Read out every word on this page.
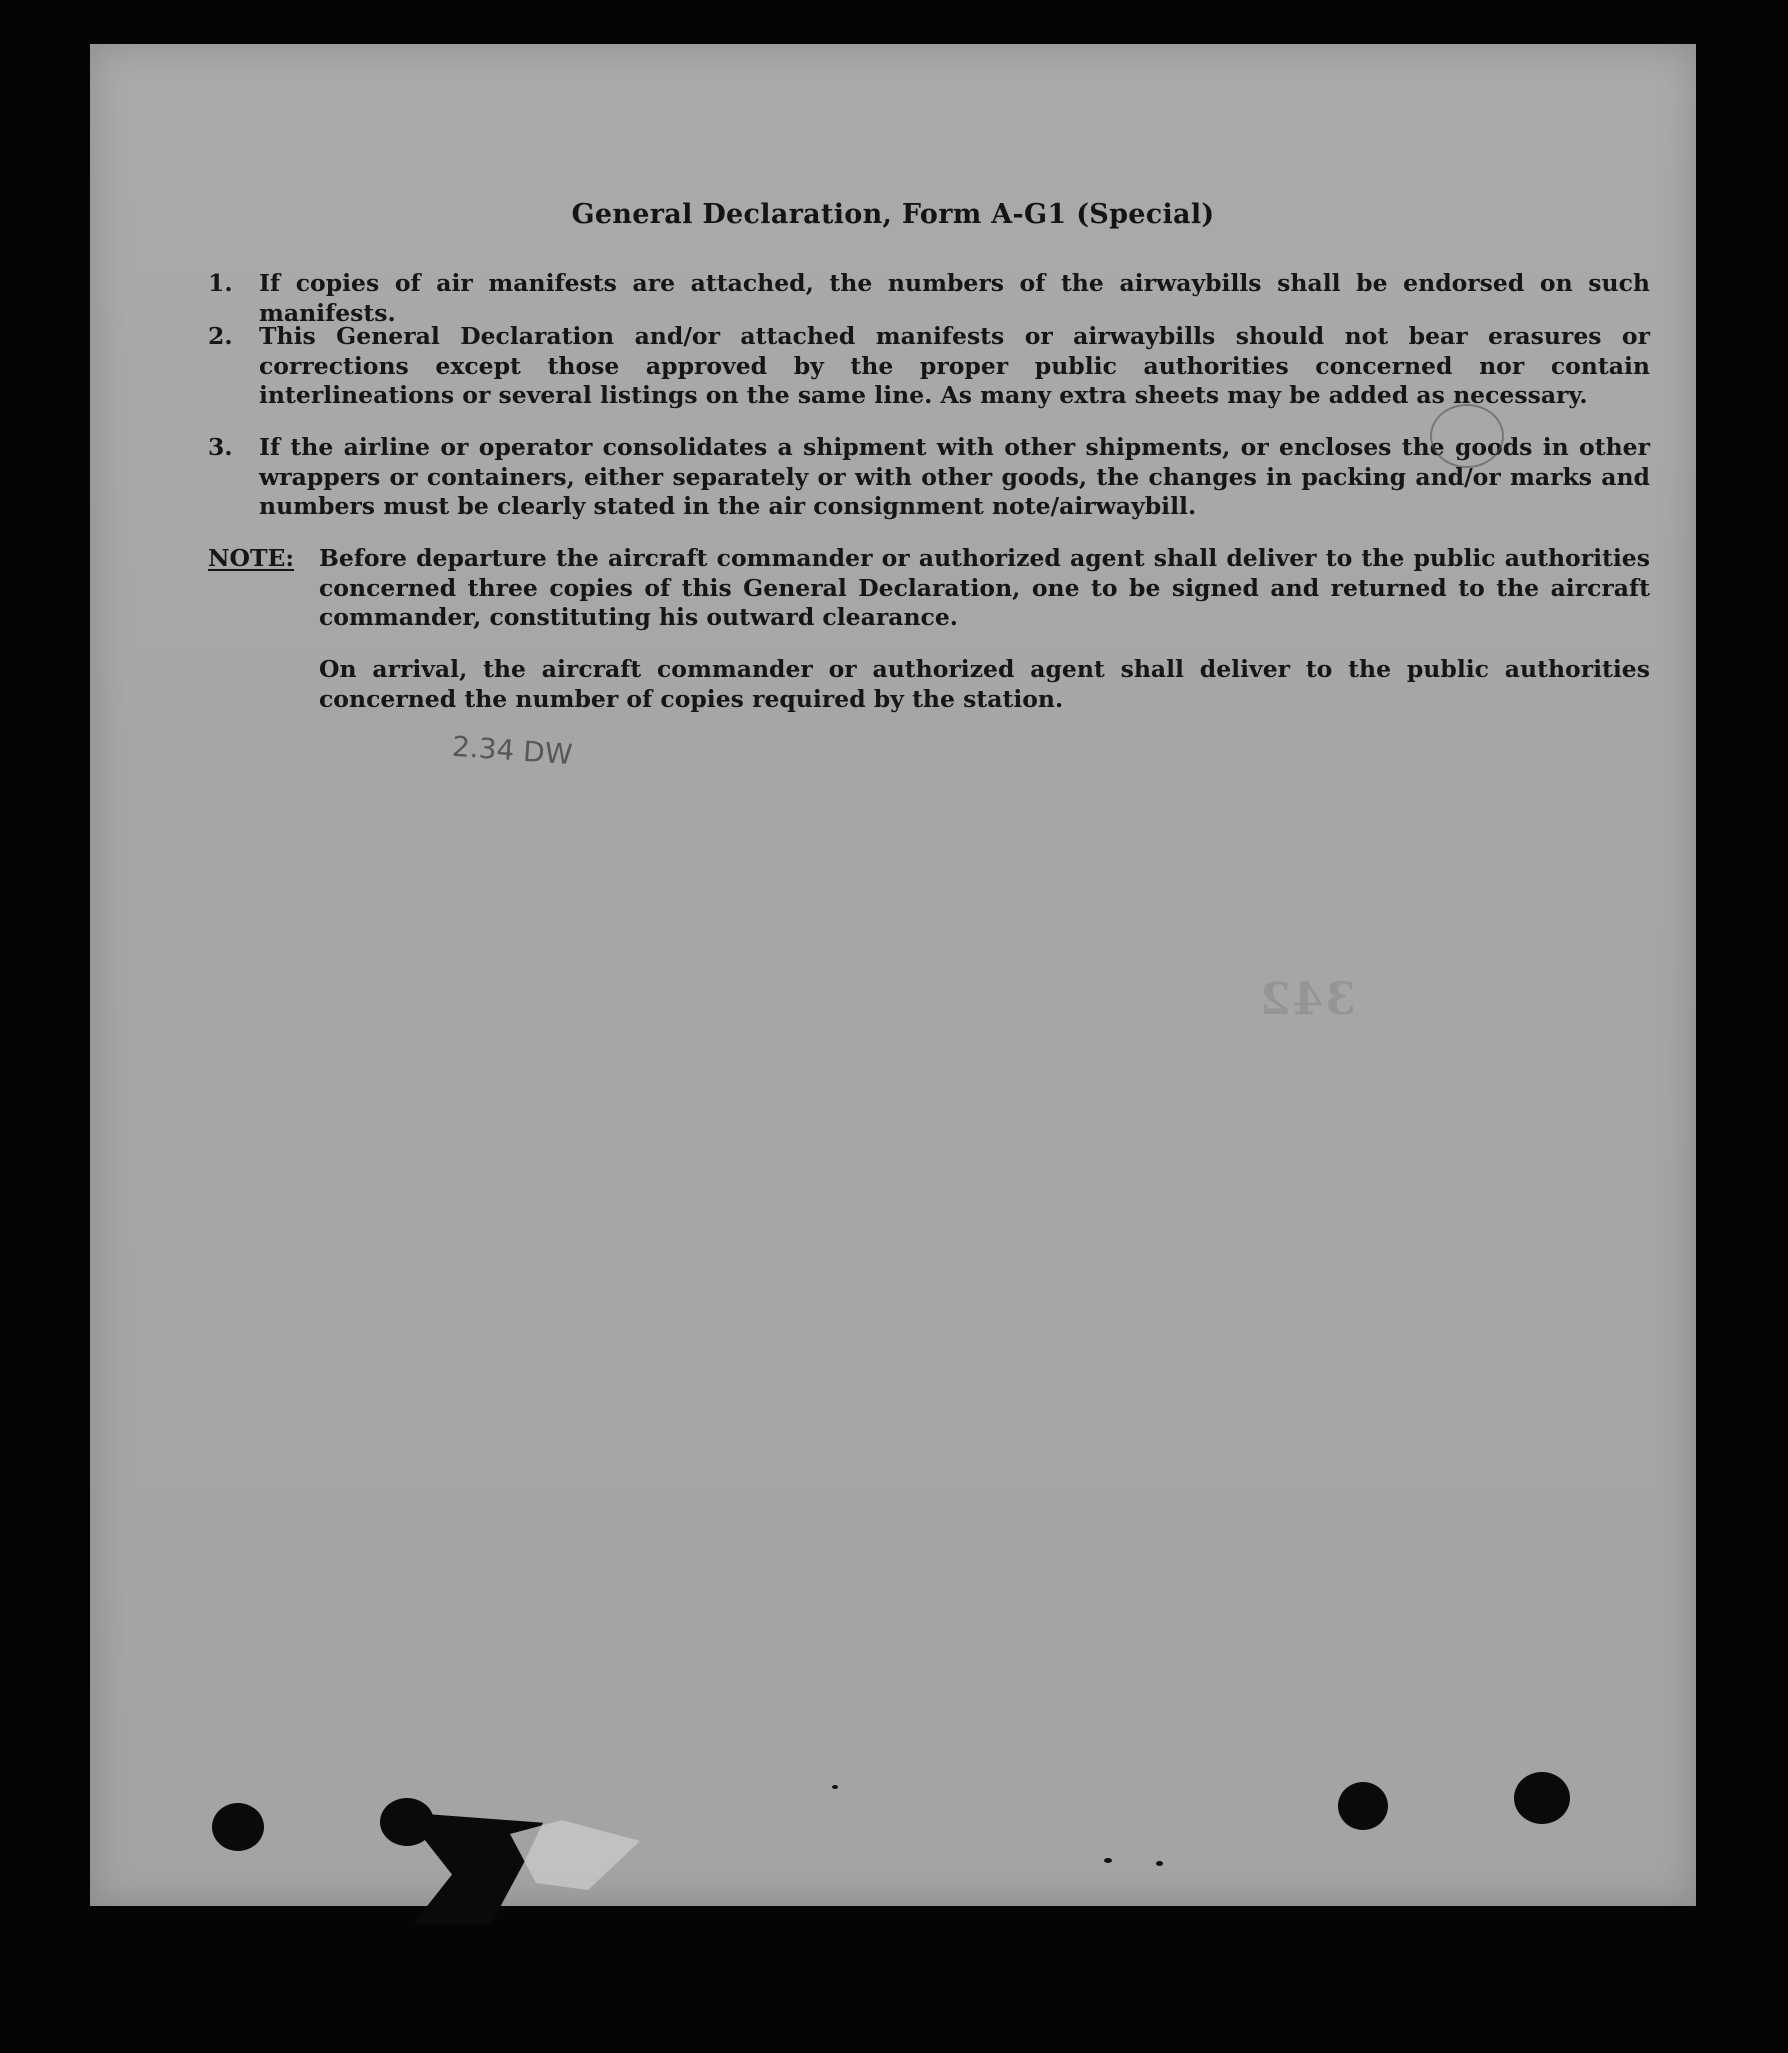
General Declaration, Form A-G1 (Special)
1.	If copies of air manifests are attached, the numbers of the airwaybills shall be endorsed on such manifests.
2.	This General Declaration and/or attached manifests or airwaybills should not bear erasures or corrections except those approved by the proper public authorities concerned nor contain interlineations or several listings on the same line. As many extra sheets may be added as necessary.
3.	If the airline or operator consolidates a shipment with other shipments, or encloses the goods in other wrappers or containers, either separately or with other goods, the changes in packing and/or marks and numbers must be clearly stated in the air consignment note/airwaybill.
NOTE: Before departure the aircraft commander or authorized agent shall deliver to the public authorities concerned three copies of this General Declaration, one to be signed and returned to the aircraft commander, constituting his outward clearance.
On arrival, the aircraft commander or authorized agent shall deliver to the public authorities concerned the number of copies required by the station.
2.34 DW
342
